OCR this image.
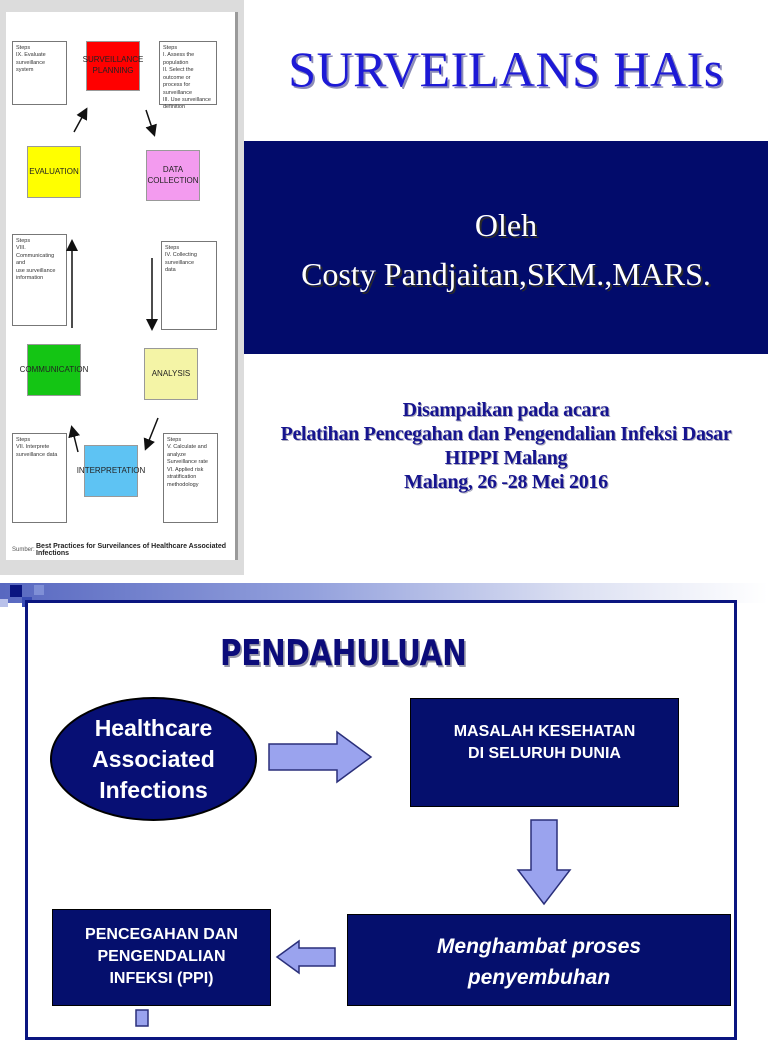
SURVEILLANCE PLANNING
DATA COLLECTION
ANALYSIS
INTERPRETATION
COMMUNICATION
EVALUATION
Steps
IX. Evaluate surveillance
system
Steps
I. Assess the population
II. Select the outcome or
process for surveillance
III. Use surveillance definition
Steps
IV. Collecting surveillance
data
Steps
VIII. Communicating and
use surveillance
information
Steps
VII. Interprete
surveillance data
Steps
V. Calculate and analyze
Surveillance rate
VI. Applied risk stratification
methodology
Sumber: Best Practices for Surveilances of Healthcare Associated Infections
SURVEILANS HAIs
Oleh
Costy Pandjaitan,SKM.,MARS.
Disampaikan pada acara
Pelatihan Pencegahan dan Pengendalian Infeksi Dasar
HIPPI Malang
Malang, 26 -28 Mei 2016
PENDAHULUAN
Healthcare
Associated
Infections
MASALAH KESEHATAN
DI SELURUH DUNIA
Menghambat proses
penyembuhan
PENCEGAHAN DAN
PENGENDALIAN
INFEKSI (PPI)
